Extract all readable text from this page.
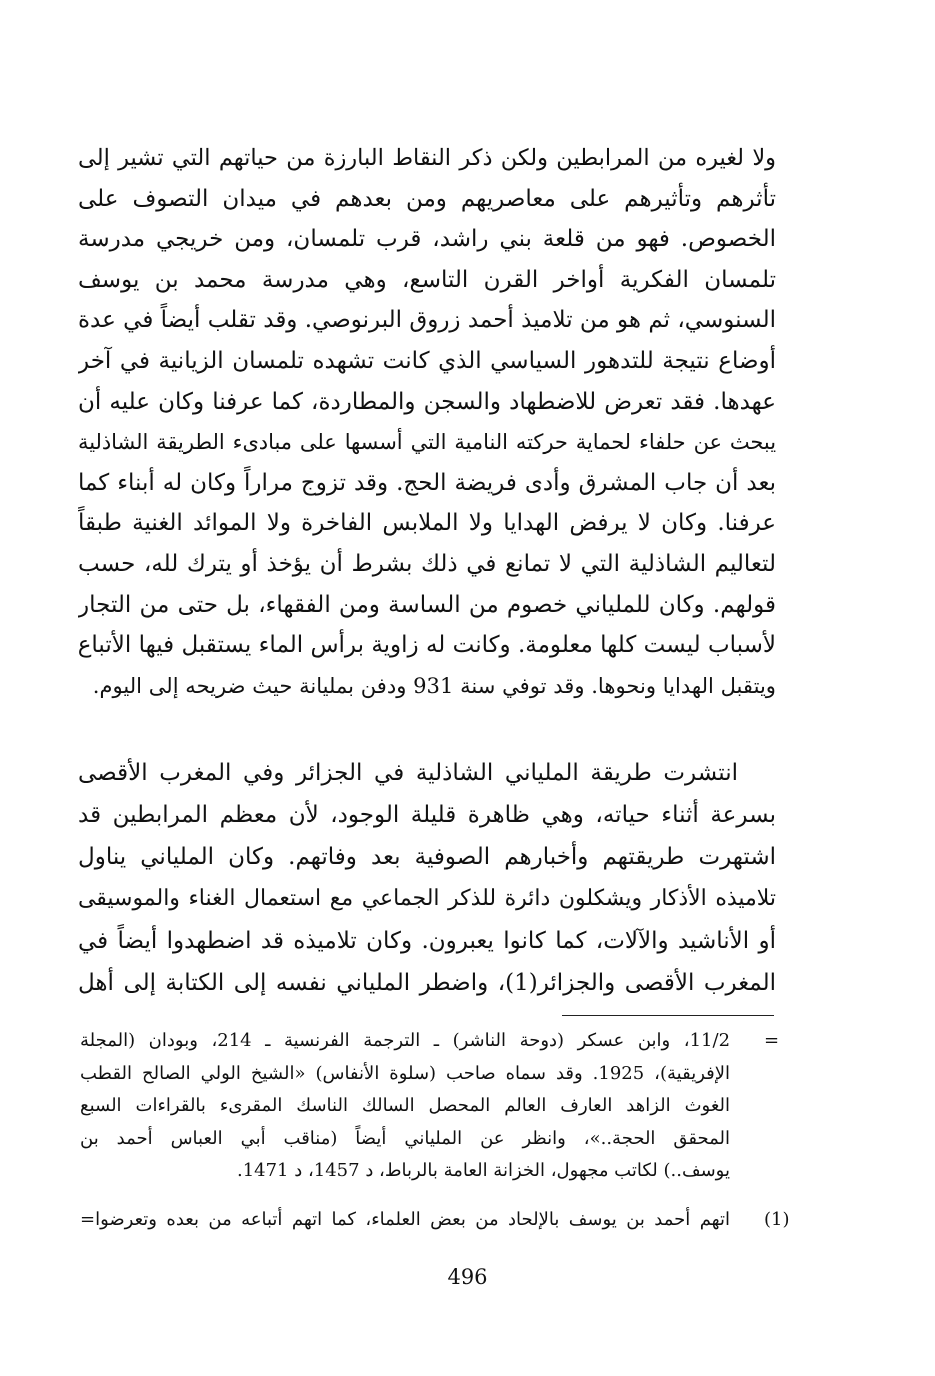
ولا لغيره من المرابطين ولكن ذكر النقاط البارزة من حياتهم التي تشير إلى
تأثرهم وتأثيرهم على معاصريهم ومن بعدهم في ميدان التصوف على
الخصوص. فهو من قلعة بني راشد، قرب تلمسان، ومن خريجي مدرسة
تلمسان الفكرية أواخر القرن التاسع، وهي مدرسة محمد بن يوسف
السنوسي، ثم هو من تلاميذ أحمد زروق البرنوصي. وقد تقلب أيضاً في عدة
أوضاع نتيجة للتدهور السياسي الذي كانت تشهده تلمسان الزيانية في آخر
عهدها. فقد تعرض للاضطهاد والسجن والمطاردة، كما عرفنا وكان عليه أن
يبحث عن حلفاء لحماية حركته النامية التي أسسها على مبادىء الطريقة الشاذلية
بعد أن جاب المشرق وأدى فريضة الحج. وقد تزوج مراراً وكان له أبناء كما
عرفنا. وكان لا يرفض الهدايا ولا الملابس الفاخرة ولا الموائد الغنية طبقاً
لتعاليم الشاذلية التي لا تمانع في ذلك بشرط أن يؤخذ أو يترك لله، حسب
قولهم. وكان للملياني خصوم من الساسة ومن الفقهاء، بل حتى من التجار
لأسباب ليست كلها معلومة. وكانت له زاوية برأس الماء يستقبل فيها الأتباع
ويتقبل الهدايا ونحوها. وقد توفي سنة 931 ودفن بمليانة حيث ضريحه إلى اليوم.
انتشرت طريقة الملياني الشاذلية في الجزائر وفي المغرب الأقصى
بسرعة أثناء حياته، وهي ظاهرة قليلة الوجود، لأن معظم المرابطين قد
اشتهرت طريقتهم وأخبارهم الصوفية بعد وفاتهم. وكان الملياني يناول
تلاميذه الأذكار ويشكلون دائرة للذكر الجماعي مع استعمال الغناء والموسيقى
أو الأناشيد والآلات، كما كانوا يعبرون. وكان تلاميذه قد اضطهدوا أيضاً في
المغرب الأقصى والجزائر(1)، واضطر الملياني نفسه إلى الكتابة إلى أهل
=
11/2، وابن عسكر (دوحة الناشر) ـ الترجمة الفرنسية ـ 214، وبودان (المجلة
الإفريقية)، 1925. وقد سماه صاحب (سلوة الأنفاس) «الشيخ الولي الصالح القطب
الغوث الزاهد العارف العالم المحصل السالك الناسك المقرىء بالقراءات السبع
المحقق الحجة..»، وانظر عن الملياني أيضاً (مناقب أبي العباس أحمد بن
يوسف..) لكاتب مجهول، الخزانة العامة بالرباط، د 1457، د 1471.
(1)
اتهم أحمد بن يوسف بالإلحاد من بعض العلماء، كما اتهم أتباعه من بعده وتعرضوا=
496
